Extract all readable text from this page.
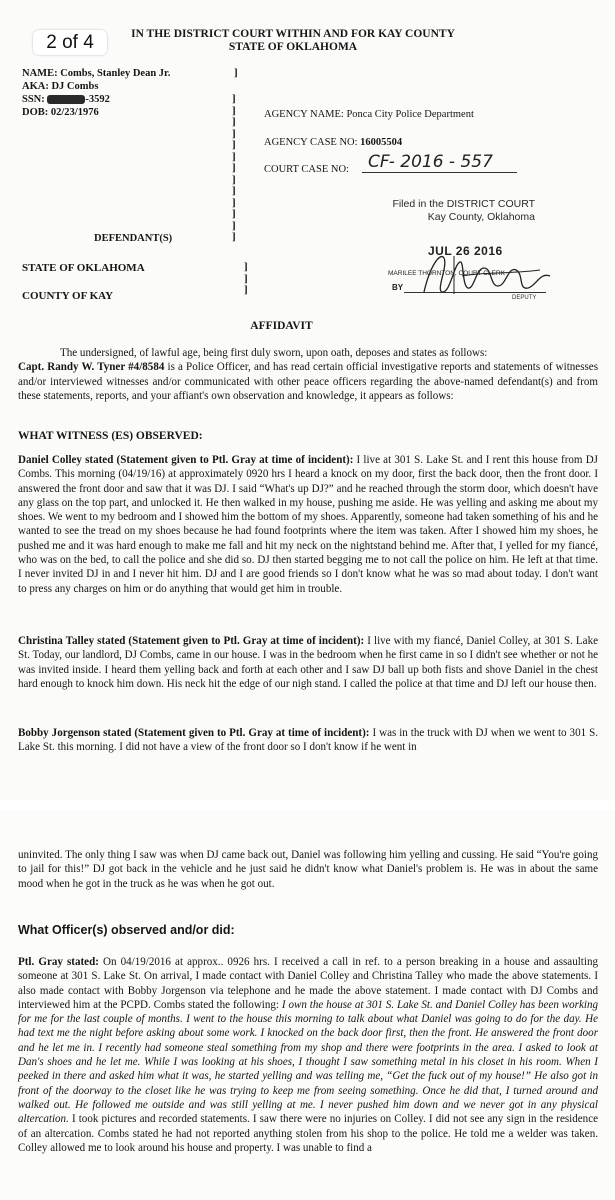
2 of 4	IN THE DISTRICT COURT WITHIN AND FOR KAY COUNTY
STATE OF OKLAHOMA
NAME: Combs, Stanley Dean Jr.	]
AKA: DJ Combs
SSN:	-3592
DOB: 02/23/1976
]
]
]
]
]
]
]
]
]
]
]
]
]
AGENCY NAME: Ponca City Police Department
AGENCY CASE NO: 16005504
COURT CASE NO:	CF- 2016 - 557
Filed in the DISTRICT COURT
Kay County, Oklahoma
JUL 26 2016
MARILEE THORNTON, COURT CLERK
BY
DEPUTY
DEFENDANT(S)
STATE OF OKLAHOMA	]
]
]
COUNTY OF KAY
AFFIDAVIT
The undersigned, of lawful age, being first duly sworn, upon oath, deposes and states as follows:
Capt. Randy W. Tyner #4/8584 is a Police Officer, and has read certain official investigative reports and statements of witnesses and/or interviewed witnesses and/or communicated with other peace officers regarding the above-named defendant(s) and from these statements, reports, and your affiant's own observation and knowledge, it appears as follows:
WHAT WITNESS (ES) OBSERVED:
Daniel Colley stated (Statement given to Ptl. Gray at time of incident): I live at 301 S. Lake St. and I rent this house from DJ Combs. This morning (04/19/16) at approximately 0920 hrs I heard a knock on my door, first the back door, then the front door. I answered the front door and saw that it was DJ. I said “What's up DJ?” and he reached through the storm door, which doesn't have any glass on the top part, and unlocked it. He then walked in my house, pushing me aside. He was yelling and asking me about my shoes. We went to my bedroom and I showed him the bottom of my shoes. Apparently, someone had taken something of his and he wanted to see the tread on my shoes because he had found footprints where the item was taken. After I showed him my shoes, he pushed me and it was hard enough to make me fall and hit my neck on the nightstand behind me. After that, I yelled for my fiancé, who was on the bed, to call the police and she did so. DJ then started begging me to not call the police on him. He left at that time. I never invited DJ in and I never hit him. DJ and I are good friends so I don't know what he was so mad about today. I don't want to press any charges on him or do anything that would get him in trouble.
Christina Talley stated (Statement given to Ptl. Gray at time of incident): I live with my fiancé, Daniel Colley, at 301 S. Lake St. Today, our landlord, DJ Combs, came in our house. I was in the bedroom when he first came in so I didn't see whether or not he was invited inside. I heard them yelling back and forth at each other and I saw DJ ball up both fists and shove Daniel in the chest hard enough to knock him down. His neck hit the edge of our nigh stand. I called the police at that time and DJ left our house then.
Bobby Jorgenson stated (Statement given to Ptl. Gray at time of incident): I was in the truck with DJ when we went to 301 S. Lake St. this morning. I did not have a view of the front door so I don't know if he went in
uninvited. The only thing I saw was when DJ came back out, Daniel was following him yelling and cussing. He said “You're going to jail for this!” DJ got back in the vehicle and he just said he didn't know what Daniel's problem is. He was in about the same mood when he got in the truck as he was when he got out.
What Officer(s) observed and/or did:
Ptl. Gray stated: On 04/19/2016 at approx.. 0926 hrs. I received a call in ref. to a person breaking in a house and assaulting someone at 301 S. Lake St. On arrival, I made contact with Daniel Colley and Christina Talley who made the above statements. I also made contact with Bobby Jorgenson via telephone and he made the above statement. I made contact with DJ Combs and interviewed him at the PCPD. Combs stated the following: I own the house at 301 S. Lake St. and Daniel Colley has been working for me for the last couple of months. I went to the house this morning to talk about what Daniel was going to do for the day. He had text me the night before asking about some work. I knocked on the back door first, then the front. He answered the front door and he let me in. I recently had someone steal something from my shop and there were footprints in the area. I asked to look at Dan's shoes and he let me. While I was looking at his shoes, I thought I saw something metal in his closet in his room. When I peeked in there and asked him what it was, he started yelling and was telling me, “Get the fuck out of my house!” He also got in front of the doorway to the closet like he was trying to keep me from seeing something. Once he did that, I turned around and walked out. He followed me outside and was still yelling at me. I never pushed him down and we never got in any physical altercation. I took pictures and recorded statements. I saw there were no injuries on Colley. I did not see any sign in the residence of an altercation. Combs stated he had not reported anything stolen from his shop to the police. He told me a welder was taken. Colley allowed me to look around his house and property. I was unable to find a
